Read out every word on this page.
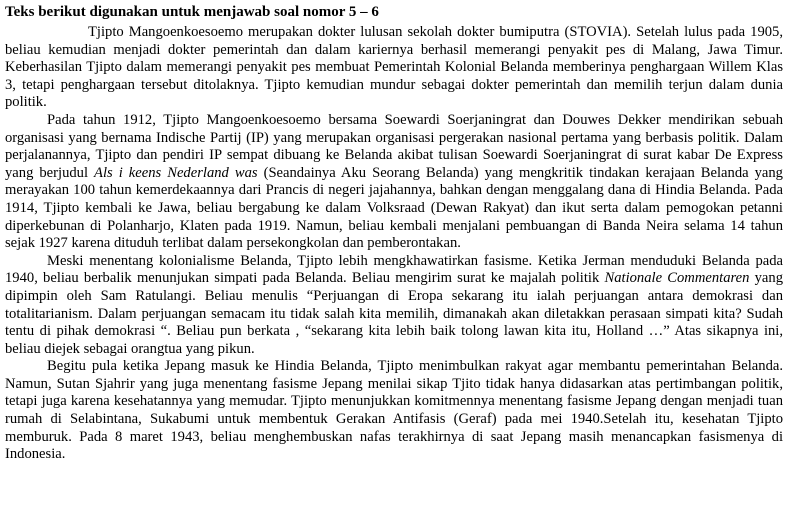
Teks berikut digunakan untuk menjawab soal nomor 5 – 6

Tjipto Mangoenkoesoemo merupakan dokter lulusan sekolah dokter bumiputra (STOVIA). Setelah lulus pada 1905, beliau kemudian menjadi dokter pemerintah dan dalam kariernya berhasil memerangi penyakit pes di Malang, Jawa Timur. Keberhasilan Tjipto dalam memerangi penyakit pes membuat Pemerintah Kolonial Belanda memberinya penghargaan Willem Klas 3, tetapi penghargaan tersebut ditolaknya. Tjipto kemudian mundur sebagai dokter pemerintah dan memilih terjun dalam dunia politik.

Pada tahun 1912, Tjipto Mangoenkoesoemo bersama Soewardi Soerjaningrat dan Douwes Dekker mendirikan sebuah organisasi yang bernama Indische Partij (IP) yang merupakan organisasi pergerakan nasional pertama yang berbasis politik. Dalam perjalanannya, Tjipto dan pendiri IP sempat dibuang ke Belanda akibat tulisan Soewardi Soerjaningrat di surat kabar De Express yang berjudul Als i keens Nederland was (Seandainya Aku Seorang Belanda) yang mengkritik tindakan kerajaan Belanda yang merayakan 100 tahun kemerdekaannya dari Prancis di negeri jajahannya, bahkan dengan menggalang dana di Hindia Belanda. Pada 1914, Tjipto kembali ke Jawa, beliau bergabung ke dalam Volksraad (Dewan Rakyat) dan ikut serta dalam pemogokan petanni diperkebunan di Polanharjo, Klaten pada 1919. Namun, beliau kembali menjalani pembuangan di Banda Neira selama 14 tahun sejak 1927 karena dituduh terlibat dalam persekongkolan dan pemberontakan.

Meski menentang kolonialisme Belanda, Tjipto lebih mengkhawatirkan fasisme. Ketika Jerman menduduki Belanda pada 1940, beliau berbalik menunjukan simpati pada Belanda. Beliau mengirim surat ke majalah politik Nationale Commentaren yang dipimpin oleh Sam Ratulangi. Beliau menulis “Perjuangan di Eropa sekarang itu ialah perjuangan antara demokrasi dan totalitarianism. Dalam perjuangan semacam itu tidak salah kita memilih, dimanakah akan diletakkan perasaan simpati kita? Sudah tentu di pihak demokrasi “. Beliau pun berkata , “sekarang kita lebih baik tolong lawan kita itu, Holland …” Atas sikapnya ini, beliau diejek sebagai orangtua yang pikun.

Begitu pula ketika Jepang masuk ke Hindia Belanda, Tjipto menimbulkan rakyat agar membantu pemerintahan Belanda. Namun, Sutan Sjahrir yang juga menentang fasisme Jepang menilai sikap Tjito tidak hanya didasarkan atas pertimbangan politik, tetapi juga karena kesehatannya yang memudar. Tjipto menunjukkan komitmennya menentang fasisme Jepang dengan menjadi tuan rumah di Selabintana, Sukabumi untuk membentuk Gerakan Antifasis (Geraf) pada mei 1940.Setelah itu, kesehatan Tjipto memburuk. Pada 8 maret 1943, beliau menghembuskan nafas terakhirnya di saat Jepang masih menancapkan fasismenya di Indonesia.
